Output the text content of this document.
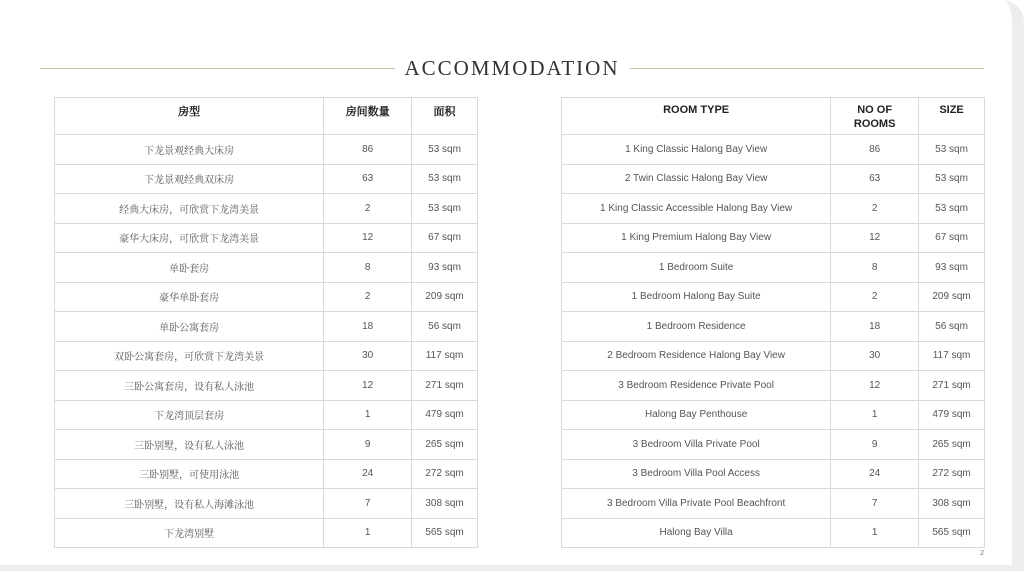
ACCOMMODATION
房型	房间数量	面积
下龙景观经典大床房	86	53 sqm
下龙景观经典双床房	63	53 sqm
经典大床房，可欣赏下龙湾美景	2	53 sqm
豪华大床房，可欣赏下龙湾美景	12	67 sqm
单卧套房	8	93 sqm
豪华单卧套房	2	209 sqm
单卧公寓套房	18	56 sqm
双卧公寓套房，可欣赏下龙湾美景	30	117 sqm
三卧公寓套房，设有私人泳池	12	271 sqm
下龙湾顶层套房	1	479 sqm
三卧别墅，设有私人泳池	9	265 sqm
三卧别墅，可使用泳池	24	272 sqm
三卧别墅，设有私人海滩泳池	7	308 sqm
下龙湾别墅	1	565 sqm
ROOM TYPE	NO OF ROOMS	SIZE
1 King Classic Halong Bay View	86	53 sqm
2 Twin Classic Halong Bay View	63	53 sqm
1 King Classic Accessible Halong Bay View	2	53 sqm
1 King Premium Halong Bay View	12	67 sqm
1 Bedroom Suite	8	93 sqm
1 Bedroom Halong Bay Suite	2	209 sqm
1 Bedroom Residence	18	56 sqm
2 Bedroom Residence Halong Bay View	30	117 sqm
3 Bedroom Residence Private Pool	12	271 sqm
Halong Bay Penthouse	1	479 sqm
3 Bedroom Villa Private Pool	9	265 sqm
3 Bedroom Villa Pool Access	24	272 sqm
3 Bedroom Villa Private Pool Beachfront	7	308 sqm
Halong Bay Villa	1	565 sqm
2
